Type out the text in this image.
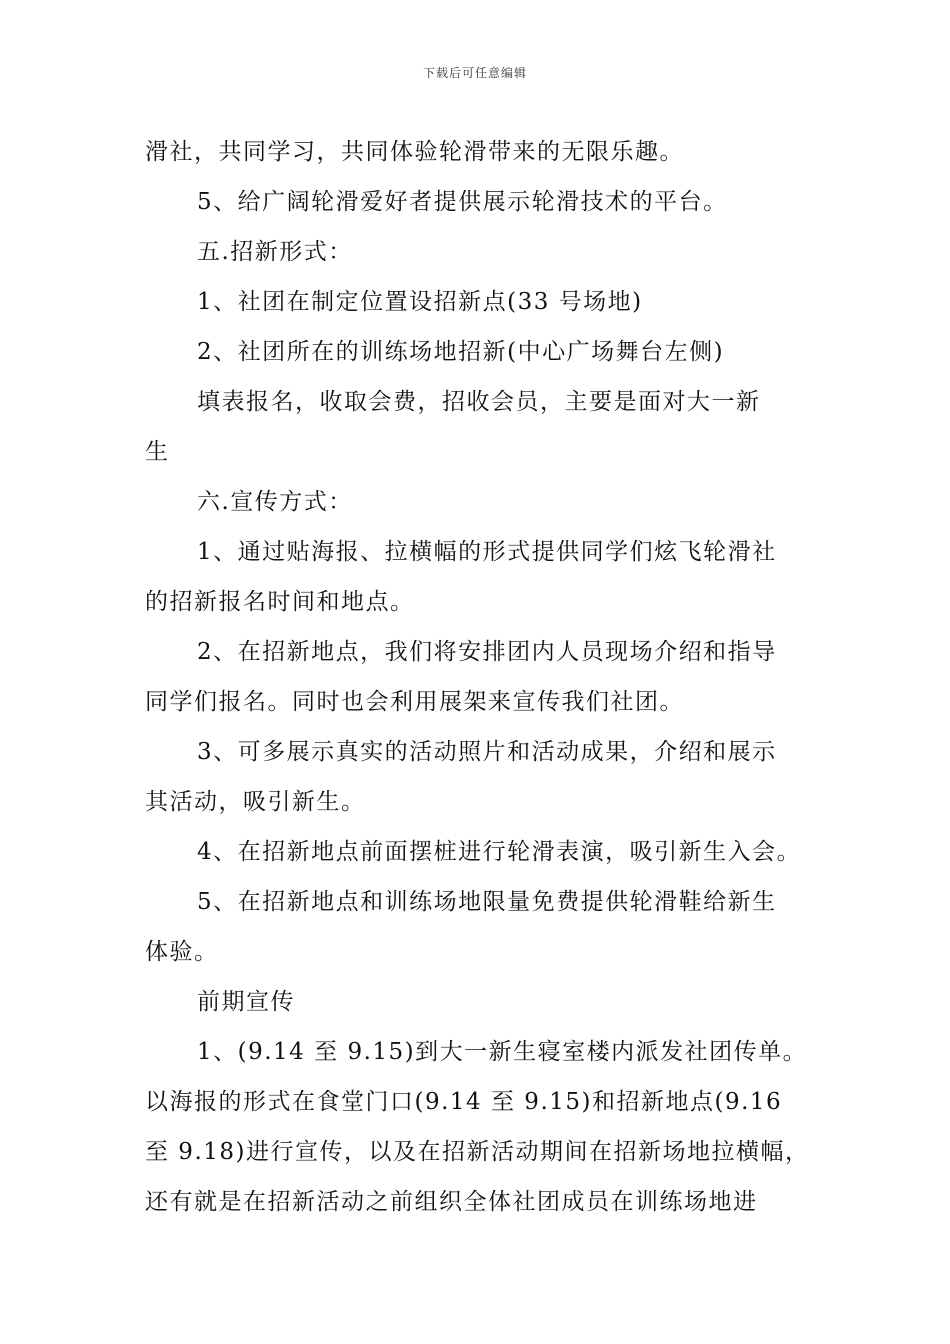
下载后可任意编辑
滑社，共同学习，共同体验轮滑带来的无限乐趣。
5、给广阔轮滑爱好者提供展示轮滑技术的平台。
五.招新形式：
1、社团在制定位置设招新点(33 号场地)
2、社团所在的训练场地招新(中心广场舞台左侧)
填表报名，收取会费，招收会员，主要是面对大一新
生
六.宣传方式：
1、通过贴海报、拉横幅的形式提供同学们炫飞轮滑社
的招新报名时间和地点。
2、在招新地点，我们将安排团内人员现场介绍和指导
同学们报名。同时也会利用展架来宣传我们社团。
3、可多展示真实的活动照片和活动成果，介绍和展示
其活动，吸引新生。
4、在招新地点前面摆桩进行轮滑表演，吸引新生入会。
5、在招新地点和训练场地限量免费提供轮滑鞋给新生
体验。
前期宣传
1、(9.14 至 9.15)到大一新生寝室楼内派发社团传单。
以海报的形式在食堂门口(9.14 至 9.15)和招新地点(9.16
至 9.18)进行宣传，以及在招新活动期间在招新场地拉横幅，
还有就是在招新活动之前组织全体社团成员在训练场地进
